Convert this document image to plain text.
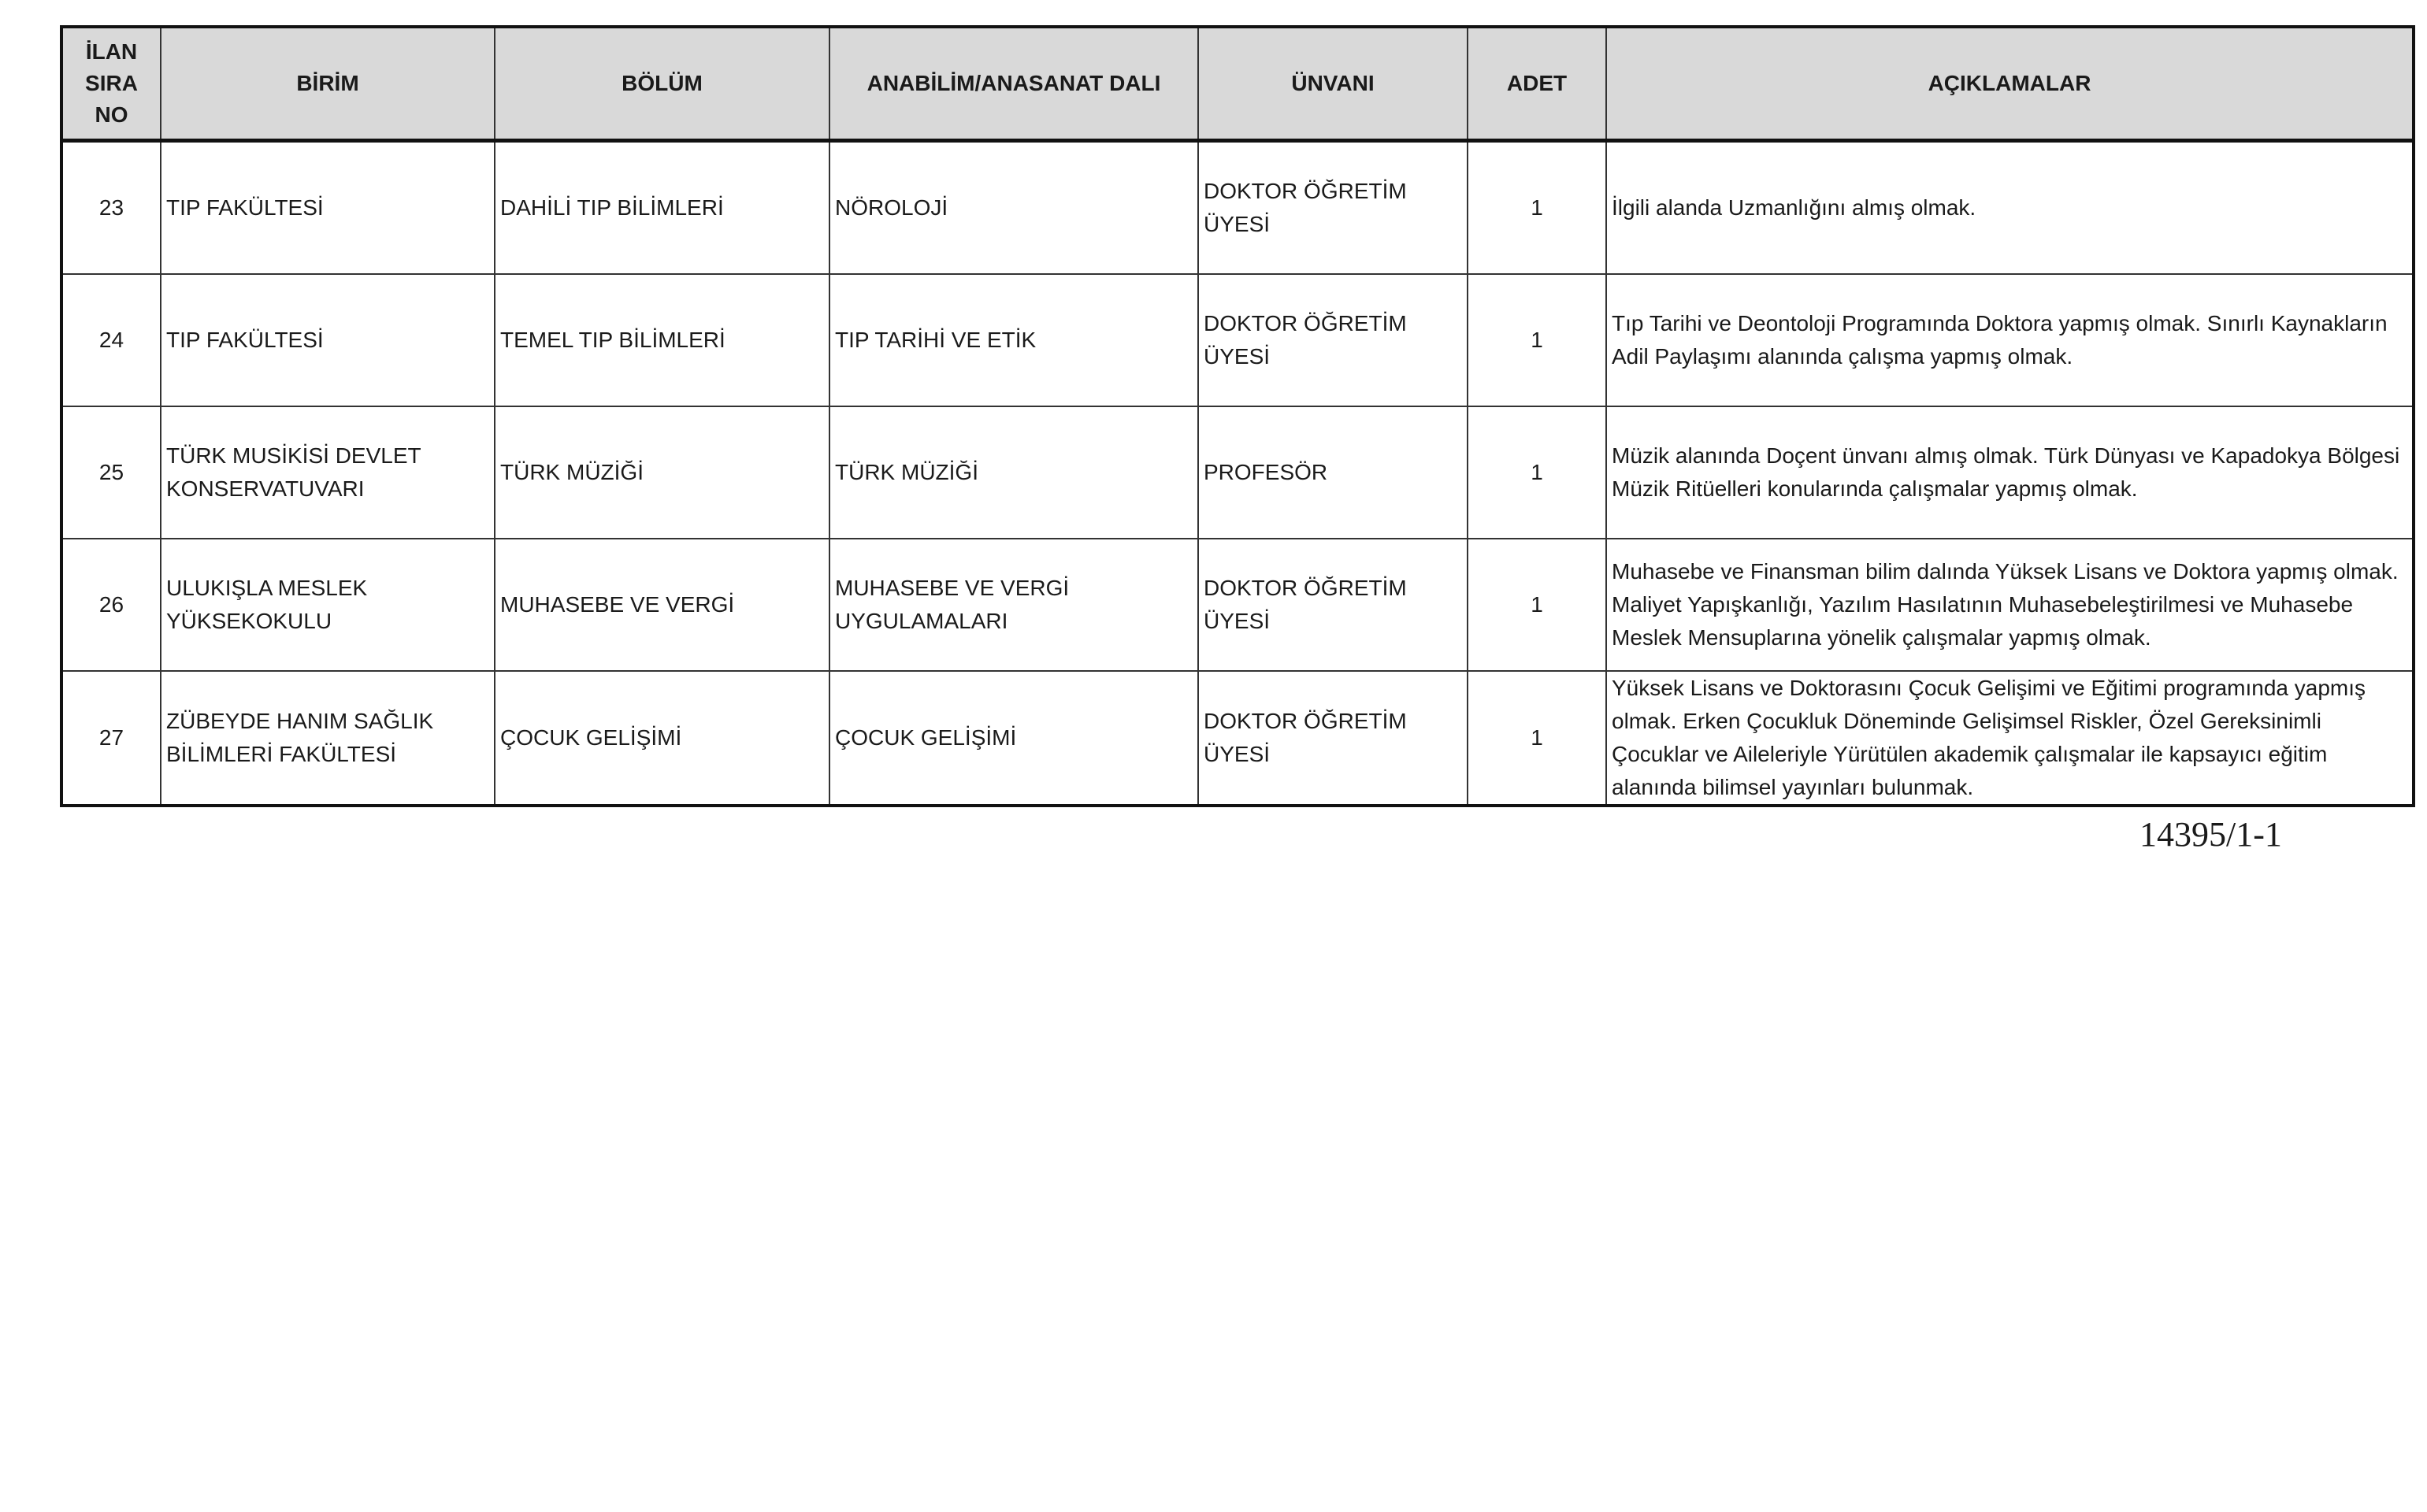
İLAN SIRA NO	BİRİM	BÖLÜM	ANABİLİM/ANASANAT DALI	ÜNVANI	ADET	AÇIKLAMALAR
23	TIP FAKÜLTESİ	DAHİLİ TIP BİLİMLERİ	NÖROLOJİ	DOKTOR ÖĞRETİM ÜYESİ	1	İlgili alanda Uzmanlığını almış olmak.
24	TIP FAKÜLTESİ	TEMEL TIP BİLİMLERİ	TIP TARİHİ VE ETİK	DOKTOR ÖĞRETİM ÜYESİ	1	Tıp Tarihi ve Deontoloji Programında Doktora yapmış olmak. Sınırlı Kaynakların Adil Paylaşımı alanında çalışma yapmış olmak.
25	TÜRK MUSİKİSİ DEVLET KONSERVATUVARI	TÜRK MÜZİĞİ	TÜRK MÜZİĞİ	PROFESÖR	1	Müzik alanında Doçent ünvanı almış olmak. Türk Dünyası ve Kapadokya Bölgesi Müzik Ritüelleri konularında çalışmalar yapmış olmak.
26	ULUKIŞLA MESLEK YÜKSEKOKULU	MUHASEBE VE VERGİ	MUHASEBE VE VERGİ UYGULAMALARI	DOKTOR ÖĞRETİM ÜYESİ	1	Muhasebe ve Finansman bilim dalında Yüksek Lisans ve Doktora yapmış olmak. Maliyet Yapışkanlığı, Yazılım Hasılatının Muhasebeleştirilmesi ve Muhasebe Meslek Mensuplarına yönelik çalışmalar yapmış olmak.
27	ZÜBEYDE HANIM SAĞLIK BİLİMLERİ FAKÜLTESİ	ÇOCUK GELİŞİMİ	ÇOCUK GELİŞİMİ	DOKTOR ÖĞRETİM ÜYESİ	1	Yüksek Lisans ve Doktorasını Çocuk Gelişimi ve Eğitimi programında yapmış olmak. Erken Çocukluk Döneminde Gelişimsel Riskler, Özel Gereksinimli Çocuklar ve Aileleriyle Yürütülen akademik çalışmalar ile kapsayıcı eğitim alanında bilimsel yayınları bulunmak.
14395/1-1
